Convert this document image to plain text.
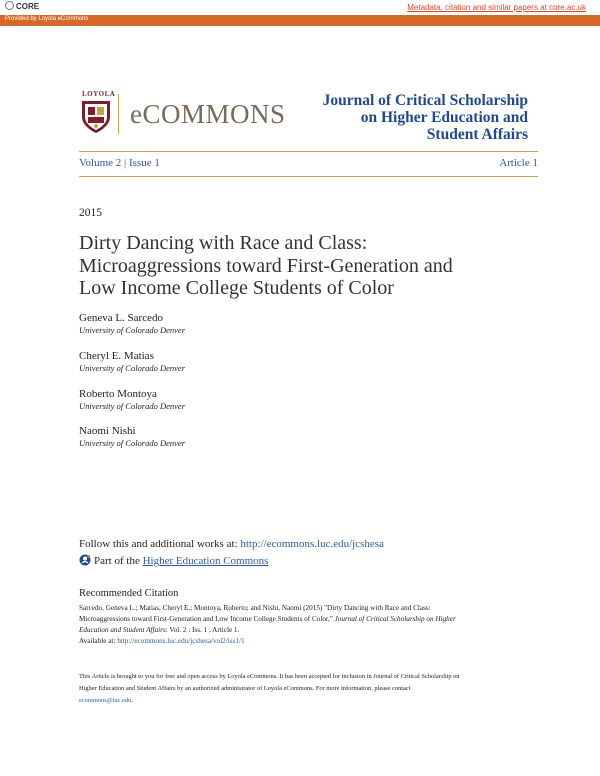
CORE	Metadata, citation and similar papers at core.ac.uk
Provided by Loyola eCommons
LOYOLA
eCOMMONS	Journal of Critical Scholarship
on Higher Education and
Student Affairs
Volume 2 | Issue 1	Article 1
2015
Dirty Dancing with Race and Class:
Microaggressions toward First-Generation and
Low Income College Students of Color
Geneva L. Sarcedo
University of Colorado Denver
Cheryl E. Matias
University of Colorado Denver
Roberto Montoya
University of Colorado Denver
Naomi Nishi
University of Colorado Denver
Follow this and additional works at: http://ecommons.luc.edu/jcshesa
Part of the Higher Education Commons
Recommended Citation
Sarcedo, Geneva L.; Matias, Cheryl E.; Montoya, Roberto; and Nishi, Naomi (2015) "Dirty Dancing with Race and Class:
Microaggressions toward First-Generation and Low Income College Students of Color," Journal of Critical Scholarship on Higher
Education and Student Affairs: Vol. 2 : Iss. 1 , Article 1.
Available at: http://ecommons.luc.edu/jcshesa/vol2/iss1/1
This Article is brought to you for free and open access by Loyola eCommons. It has been accepted for inclusion in Journal of Critical Scholarship on
Higher Education and Student Affairs by an authorized administrator of Loyola eCommons. For more information, please contact
ecommons@luc.edu.
